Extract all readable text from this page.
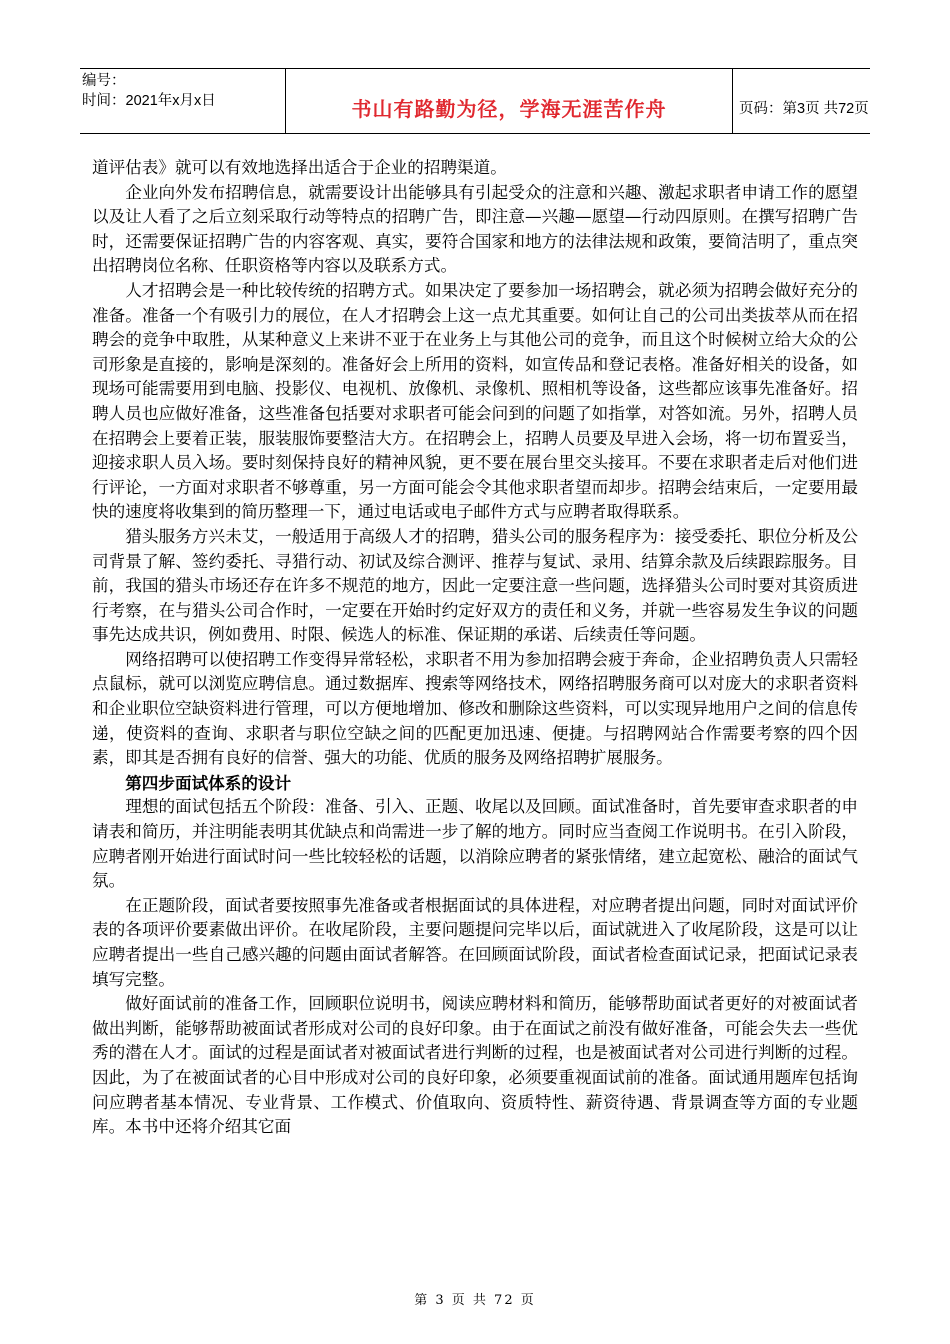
编号：
时间：2021年x月x日	书山有路勤为径，学海无涯苦作舟	页码：第3页 共72页

道评估表》就可以有效地选择出适合于企业的招聘渠道。

企业向外发布招聘信息，就需要设计出能够具有引起受众的注意和兴趣、激起求职者申请工作的愿望以及让人看了之后立刻采取行动等特点的招聘广告，即注意—兴趣—愿望—行动四原则。在撰写招聘广告时，还需要保证招聘广告的内容客观、真实，要符合国家和地方的法律法规和政策，要简洁明了，重点突出招聘岗位名称、任职资格等内容以及联系方式。

人才招聘会是一种比较传统的招聘方式。如果决定了要参加一场招聘会，就必须为招聘会做好充分的准备。准备一个有吸引力的展位，在人才招聘会上这一点尤其重要。如何让自己的公司出类拔萃从而在招聘会的竞争中取胜，从某种意义上来讲不亚于在业务上与其他公司的竞争，而且这个时候树立给大众的公司形象是直接的，影响是深刻的。准备好会上所用的资料，如宣传品和登记表格。准备好相关的设备，如现场可能需要用到电脑、投影仪、电视机、放像机、录像机、照相机等设备，这些都应该事先准备好。招聘人员也应做好准备，这些准备包括要对求职者可能会问到的问题了如指掌，对答如流。另外，招聘人员在招聘会上要着正装，服装服饰要整洁大方。在招聘会上，招聘人员要及早进入会场，将一切布置妥当，迎接求职人员入场。要时刻保持良好的精神风貌，更不要在展台里交头接耳。不要在求职者走后对他们进行评论，一方面对求职者不够尊重，另一方面可能会令其他求职者望而却步。招聘会结束后，一定要用最快的速度将收集到的简历整理一下，通过电话或电子邮件方式与应聘者取得联系。

猎头服务方兴未艾，一般适用于高级人才的招聘，猎头公司的服务程序为：接受委托、职位分析及公司背景了解、签约委托、寻猎行动、初试及综合测评、推荐与复试、录用、结算余款及后续跟踪服务。目前，我国的猎头市场还存在许多不规范的地方，因此一定要注意一些问题，选择猎头公司时要对其资质进行考察，在与猎头公司合作时，一定要在开始时约定好双方的责任和义务，并就一些容易发生争议的问题事先达成共识，例如费用、时限、候选人的标准、保证期的承诺、后续责任等问题。

网络招聘可以使招聘工作变得异常轻松，求职者不用为参加招聘会疲于奔命，企业招聘负责人只需轻点鼠标，就可以浏览应聘信息。通过数据库、搜索等网络技术，网络招聘服务商可以对庞大的求职者资料和企业职位空缺资料进行管理，可以方便地增加、修改和删除这些资料，可以实现异地用户之间的信息传递，使资料的查询、求职者与职位空缺之间的匹配更加迅速、便捷。与招聘网站合作需要考察的四个因素，即其是否拥有良好的信誉、强大的功能、优质的服务及网络招聘扩展服务。

第四步面试体系的设计

理想的面试包括五个阶段：准备、引入、正题、收尾以及回顾。面试准备时，首先要审查求职者的申请表和简历，并注明能表明其优缺点和尚需进一步了解的地方。同时应当查阅工作说明书。在引入阶段，应聘者刚开始进行面试时问一些比较轻松的话题，以消除应聘者的紧张情绪，建立起宽松、融洽的面试气氛。

在正题阶段，面试者要按照事先准备或者根据面试的具体进程，对应聘者提出问题，同时对面试评价表的各项评价要素做出评价。在收尾阶段，主要问题提问完毕以后，面试就进入了收尾阶段，这是可以让应聘者提出一些自己感兴趣的问题由面试者解答。在回顾面试阶段，面试者检查面试记录，把面试记录表填写完整。

做好面试前的准备工作，回顾职位说明书，阅读应聘材料和简历，能够帮助面试者更好的对被面试者做出判断，能够帮助被面试者形成对公司的良好印象。由于在面试之前没有做好准备，可能会失去一些优秀的潜在人才。面试的过程是面试者对被面试者进行判断的过程，也是被面试者对公司进行判断的过程。因此，为了在被面试者的心目中形成对公司的良好印象，必须要重视面试前的准备。面试通用题库包括询问应聘者基本情况、专业背景、工作模式、价值取向、资质特性、薪资待遇、背景调查等方面的专业题库。本书中还将介绍其它面

第 3 页 共 72 页
